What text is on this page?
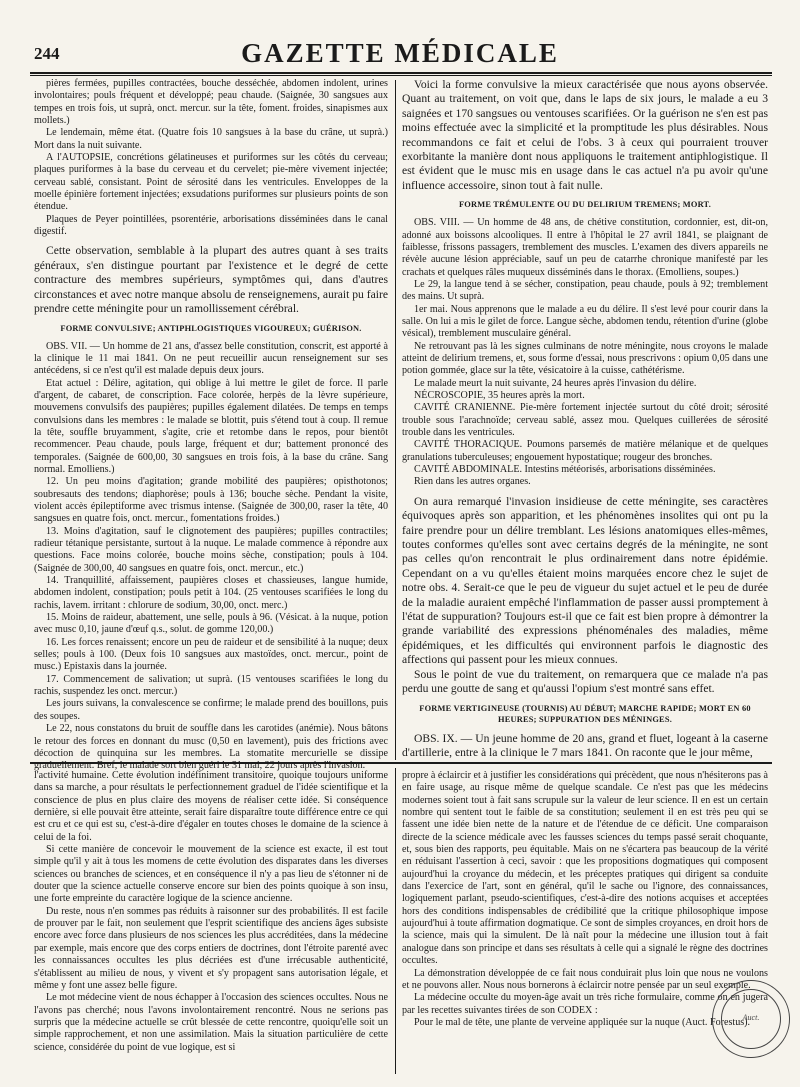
244	GAZETTE MÉDICALE

pières fermées, pupilles contractées, bouche desséchée, abdomen indolent, urines involontaires; pouls fréquent et développé; peau chaude. (Saignée, 30 sangsues aux tempes en trois fois, ut suprà, onct. mercur. sur la tête, foment. froides, sinapismes aux mollets.)

Le lendemain, même état. (Quatre fois 10 sangsues à la base du crâne, ut suprà.) Mort dans la nuit suivante.

A l'AUTOPSIE, concrétions gélatineuses et puriformes sur les côtés du cerveau; plaques puriformes à la base du cerveau et du cervelet; pie-mère vivement injectée; cerveau sablé, consistant. Point de sérosité dans les ventricules. Enveloppes de la moelle épinière fortement injectées; exsudations puriformes sur plusieurs points de son étendue.

Plaques de Peyer pointillées, psorentérie, arborisations disséminées dans le canal digestif.

Cette observation, semblable à la plupart des autres quant à ses traits généraux, s'en distingue pourtant par l'existence et le degré de cette contracture des membres supérieurs, symptômes qui, dans d'autres circonstances et avec notre manque absolu de renseignemens, aurait pu faire prendre cette méningite pour un ramollissement cérébral.

FORME CONVULSIVE; ANTIPHLOGISTIQUES VIGOUREUX; GUÉRISON.

OBS. VII. — Un homme de 21 ans, d'assez belle constitution, conscrit, est apporté à la clinique le 11 mai 1841. On ne peut recueillir aucun renseignement sur ses antécédens, si ce n'est qu'il est malade depuis deux jours.

Etat actuel : Délire, agitation, qui oblige à lui mettre le gilet de force. Il parle d'argent, de cabaret, de conscription. Face colorée, herpès de la lèvre supérieure, mouvemens convulsifs des paupières; pupilles également dilatées. De temps en temps convulsions dans les membres : le malade se blottit, puis s'étend tout à coup. Il remue la tête, souffle bruyamment, s'agite, crie et retombe dans le repos, pour bientôt recommencer. Peau chaude, pouls large, fréquent et dur; battement prononcé des temporales. (Saignée de 600,00, 30 sangsues en trois fois, à la base du crâne. Sang normal. Emolliens.)

12. Un peu moins d'agitation; grande mobilité des paupières; opisthotonos; soubresauts des tendons; diaphorèse; pouls à 136; bouche sèche. Pendant la visite, violent accès épileptiforme avec trismus intense. (Saignée de 300,00, raser la tête, 40 sangsues en quatre fois, onct. mercur., fomentations froides.)

13. Moins d'agitation, sauf le clignotement des paupières; pupilles contractiles; radieur tétanique persistante, surtout à la nuque. Le malade commence à répondre aux questions. Face moins colorée, bouche moins sèche, constipation; pouls à 104. (Saignée de 300,00, 40 sangsues en quatre fois, onct. mercur., etc.)

14. Tranquillité, affaissement, paupières closes et chassieuses, langue humide, abdomen indolent, constipation; pouls petit à 104. (25 ventouses scarifiées le long du rachis, lavem. irritant : chlorure de sodium, 30,00, onct. merc.)

15. Moins de raideur, abattement, une selle, pouls à 96. (Vésicat. à la nuque, potion avec musc 0,10, jaune d'œuf q.s., solut. de gomme 120,00.)

16. Les forces renaissent; encore un peu de raideur et de sensibilité à la nuque; deux selles; pouls à 100. (Deux fois 10 sangsues aux mastoïdes, onct. mercur., point de musc.) Epistaxis dans la journée.

17. Commencement de salivation; ut suprà. (15 ventouses scarifiées le long du rachis, suspendez les onct. mercur.)

Les jours suivans, la convalescence se confirme; le malade prend des bouillons, puis des soupes.

Le 22, nous constatons du bruit de souffle dans les carotides (anémie). Nous bâtons le retour des forces en donnant du musc (0,50 en lavement), puis des frictions avec décoction de quinquina sur les membres. La stomatite mercurielle se dissipe graduellement. Bref, le malade sort bien guéri le 31 mai, 22 jours après l'invasion.

Voici la forme convulsive la mieux caractérisée que nous ayons observée. Quant au traitement, on voit que, dans le laps de six jours, le malade a eu 3 saignées et 170 sangsues ou ventouses scarifiées. Or la guérison ne s'en est pas moins effectuée avec la simplicité et la promptitude les plus désirables. Nous recommandons ce fait et celui de l'obs. 3 à ceux qui pourraient trouver exorbitante la manière dont nous appliquons le traitement antiphlogistique. Il est évident que le musc mis en usage dans le cas actuel n'a pu avoir qu'une influence accessoire, sinon tout à fait nulle.

FORME TRÉMULENTE OU DU DELIRIUM TREMENS; MORT.

OBS. VIII. — Un homme de 48 ans, de chétive constitution, cordonnier, est, dit-on, adonné aux boissons alcooliques. Il entre à l'hôpital le 27 avril 1841, se plaignant de faiblesse, frissons passagers, tremblement des muscles. L'examen des divers appareils ne révèle aucune lésion appréciable, sauf un peu de catarrhe chronique manifesté par les crachats et quelques râles muqueux disséminés dans le thorax. (Emolliens, soupes.)

Le 29, la langue tend à se sécher, constipation, peau chaude, pouls à 92; tremblement des mains. Ut suprà.

1er mai. Nous apprenons que le malade a eu du délire. Il s'est levé pour courir dans la salle. On lui a mis le gilet de force. Langue sèche, abdomen tendu, rétention d'urine (globe vésical), tremblement musculaire général.

Ne retrouvant pas là les signes culminans de notre méningite, nous croyons le malade atteint de delirium tremens, et, sous forme d'essai, nous prescrivons : opium 0,05 dans une potion gommée, glace sur la tête, vésicatoire à la cuisse, cathétérisme.

Le malade meurt la nuit suivante, 24 heures après l'invasion du délire.

NÉCROSCOPIE, 35 heures après la mort.

CAVITÉ CRANIENNE. Pie-mère fortement injectée surtout du côté droit; sérosité trouble sous l'arachnoïde; cerveau sablé, assez mou. Quelques cuillerées de sérosité trouble dans les ventricules.

CAVITÉ THORACIQUE. Poumons parsemés de matière mélanique et de quelques granulations tuberculeuses; engouement hypostatique; rougeur des bronches.

CAVITÉ ABDOMINALE. Intestins météorisés, arborisations disséminées.

Rien dans les autres organes.

On aura remarqué l'invasion insidieuse de cette méningite, ses caractères équivoques après son apparition, et les phénomènes insolites qui ont pu la faire prendre pour un délire tremblant. Les lésions anatomiques elles-mêmes, toutes conformes qu'elles sont avec certains degrés de la méningite, ne sont pas celles qu'on rencontrait le plus ordinairement dans notre épidémie. Cependant on a vu qu'elles étaient moins marquées encore chez le sujet de notre obs. 4. Serait-ce que le peu de vigueur du sujet actuel et le peu de durée de la maladie auraient empêché l'inflammation de passer aussi promptement à l'état de suppuration? Toujours est-il que ce fait est bien propre à démontrer la grande variabilité des expressions phénoménales des maladies, même épidémiques, et les difficultés qui environnent parfois le diagnostic des affections qui passent pour les mieux connues.

Sous le point de vue du traitement, on remarquera que ce malade n'a pas perdu une goutte de sang et qu'aussi l'opium s'est montré sans effet.

FORME VERTIGINEUSE (TOURNIS) AU DÉBUT; MARCHE RAPIDE; MORT EN 60 HEURES; SUPPURATION DES MÉNINGES.

OBS. IX. — Un jeune homme de 20 ans, grand et fluet, logeant à la caserne d'artillerie, entre à la clinique le 7 mars 1841. On raconte que le jour même,

l'activité humaine. Cette évolution indéfiniment transitoire, quoique toujours uniforme dans sa marche, a pour résultats le perfectionnement graduel de l'idée scientifique et la conscience de plus en plus claire des moyens de réaliser cette idée. Si conséquence dernière, si elle pouvait être atteinte, serait faire disparaître toute différence entre ce qui est cru et ce qui est su, c'est-à-dire d'égaler en toutes choses le domaine de la science à celui de la foi.

Si cette manière de concevoir le mouvement de la science est exacte, il est tout simple qu'il y ait à tous les momens de cette évolution des disparates dans les diverses sciences ou branches de sciences, et en conséquence il n'y a pas lieu de s'étonner ni de douter que la science actuelle conserve encore sur bien des points quoique à son insu, une forte empreinte du caractère logique de la science ancienne.

Du reste, nous n'en sommes pas réduits à raisonner sur des probabilités. Il est facile de prouver par le fait, non seulement que l'esprit scientifique des anciens âges subsiste encore avec force dans plusieurs de nos sciences les plus accréditées, dans la médecine par exemple, mais encore que des corps entiers de doctrines, dont l'étroite parenté avec les connaissances occultes les plus décriées est d'une irrécusable authenticité, s'établissent au milieu de nous, y vivent et s'y propagent sans autorisation légale, et même y font une assez belle figure.

Le mot médecine vient de nous échapper à l'occasion des sciences occultes. Nous ne l'avons pas cherché; nous l'avons involontairement rencontré. Nous ne serions pas surpris que la médecine actuelle se crût blessée de cette rencontre, quoiqu'elle soit un simple rapprochement, et non une assimilation. Mais la situation particulière de cette science, considérée du point de vue logique, est si

propre à éclaircir et à justifier les considérations qui précèdent, que nous n'hésiterons pas à en faire usage, au risque même de quelque scandale. Ce n'est pas que les médecins modernes soient tout à fait sans scrupule sur la valeur de leur science. Il en est un certain nombre qui sentent tout le faible de sa constitution; seulement il en est très peu qui se fassent une idée bien nette de la nature et de l'étendue de ce déficit. Une comparaison directe de la science médicale avec les fausses sciences du temps passé serait choquante, et, sous bien des rapports, peu équitable. Mais on ne s'écartera pas beaucoup de la vérité en réduisant l'assertion à ceci, savoir : que les propositions dogmatiques qui composent aujourd'hui la croyance du médecin, et les préceptes pratiques qui dirigent sa conduite dans l'exercice de l'art, sont en général, qu'il le sache ou l'ignore, des connaissances, logiquement parlant, pseudo-scientifiques, c'est-à-dire des notions acquises et acceptées hors des conditions indispensables de crédibilité que la critique philosophique impose aujourd'hui à toute affirmation dogmatique. Ce sont de simples croyances, en droit hors de la science, mais qui la simulent. De là naît pour la médecine une illusion tout à fait analogue dans son principe et dans ses résultats à celle qui a signalé le règne des doctrines occultes.

La démonstration développée de ce fait nous conduirait plus loin que nous ne voulons et ne pouvons aller. Nous nous bornerons à éclaircir notre pensée par un seul exemple.

La médecine occulte du moyen-âge avait un très riche formulaire, comme on en jugera par les recettes suivantes tirées de son CODEX :

Pour le mal de tête, une plante de verveine appliquée sur la nuque (Auct. Forestus).

Auct.
